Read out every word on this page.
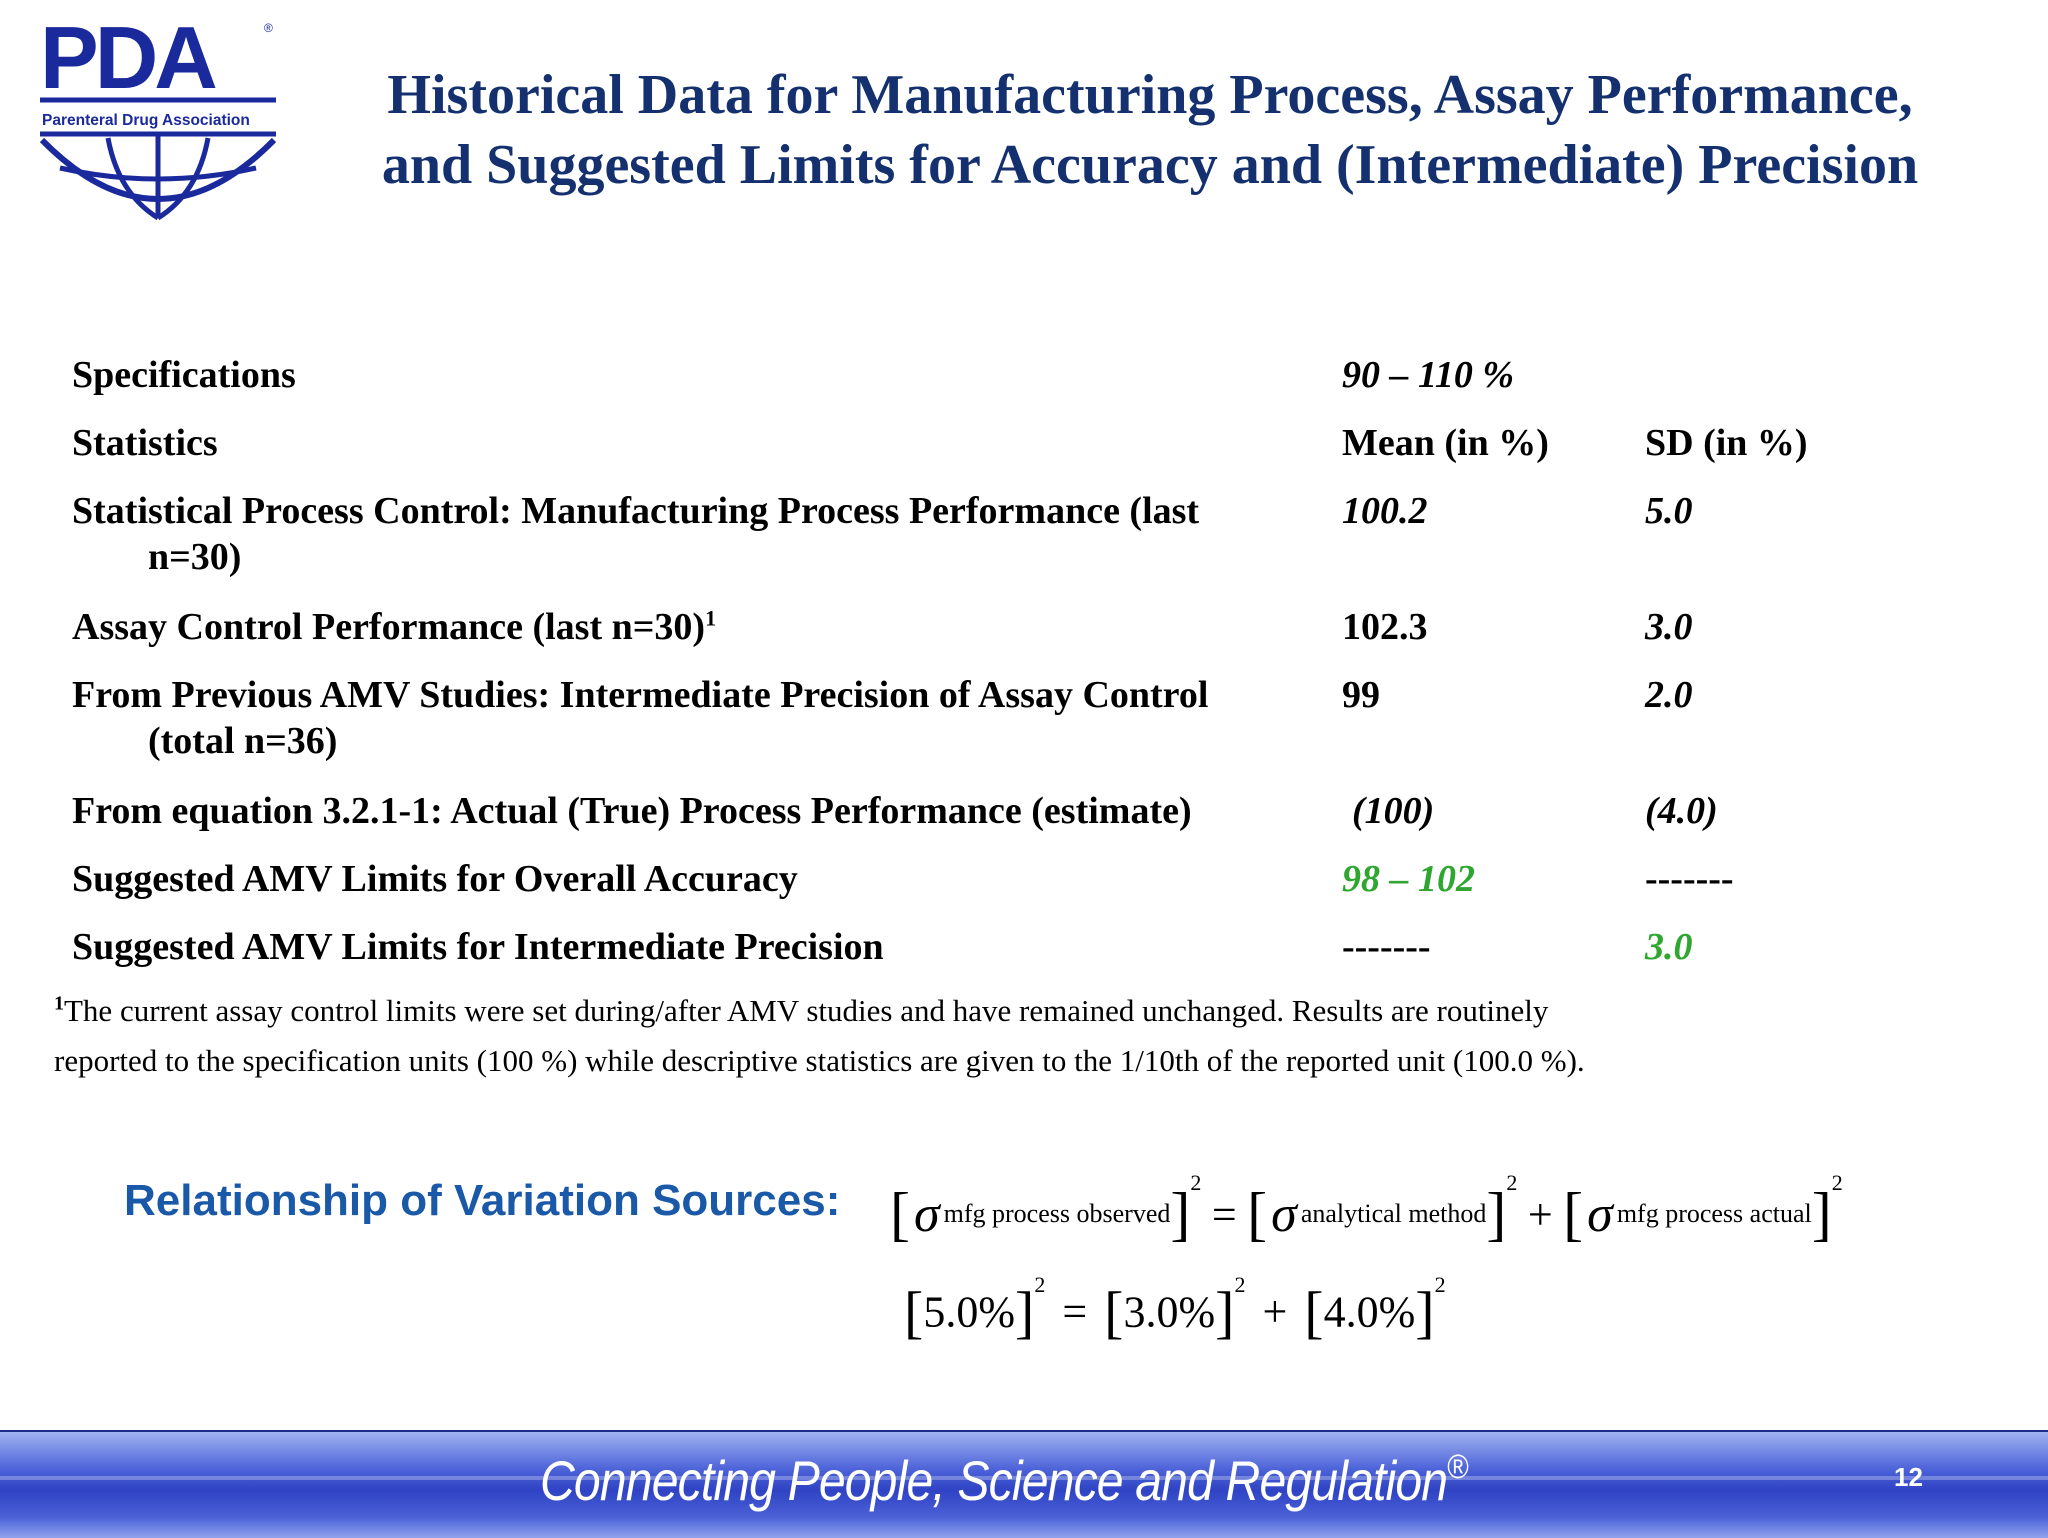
PDA	®
Parenteral Drug Association	Historical Data for Manufacturing Process, Assay Performance,
and Suggested Limits for Accuracy and (Intermediate) Precision
Specifications	90 – 110 %
Statistics	Mean (in %)	SD (in %)
Statistical Process Control: Manufacturing Process Performance (last
n=30)
100.2	5.0
Assay Control Performance (last n=30)$^1$	102.3	3.0
From Previous AMV Studies: Intermediate Precision of Assay Control
(total n=36)
99	2.0
From equation 3.2.1-1: Actual (True) Process Performance (estimate)	(100)	(4.0)
Suggested AMV Limits for Overall Accuracy	98 – 102	-------
Suggested AMV Limits for Intermediate Precision	-------	3.0
$^1$The current assay control limits were set during/after AMV studies and have remained unchanged. Results are routinely
reported to the specification units (100 %) while descriptive statistics are given to the 1/10th of the reported unit (100.0 %).
Relationship of Variation Sources: [σ mfg process observed]$^2$ = [σ analytical method]$^2$ + [σ mfg process actual]$^2$
$[5.0\%]^2 = [3.0\%]^2 + [4.0\%]^2$
Connecting People, Science and Regulation®	12
